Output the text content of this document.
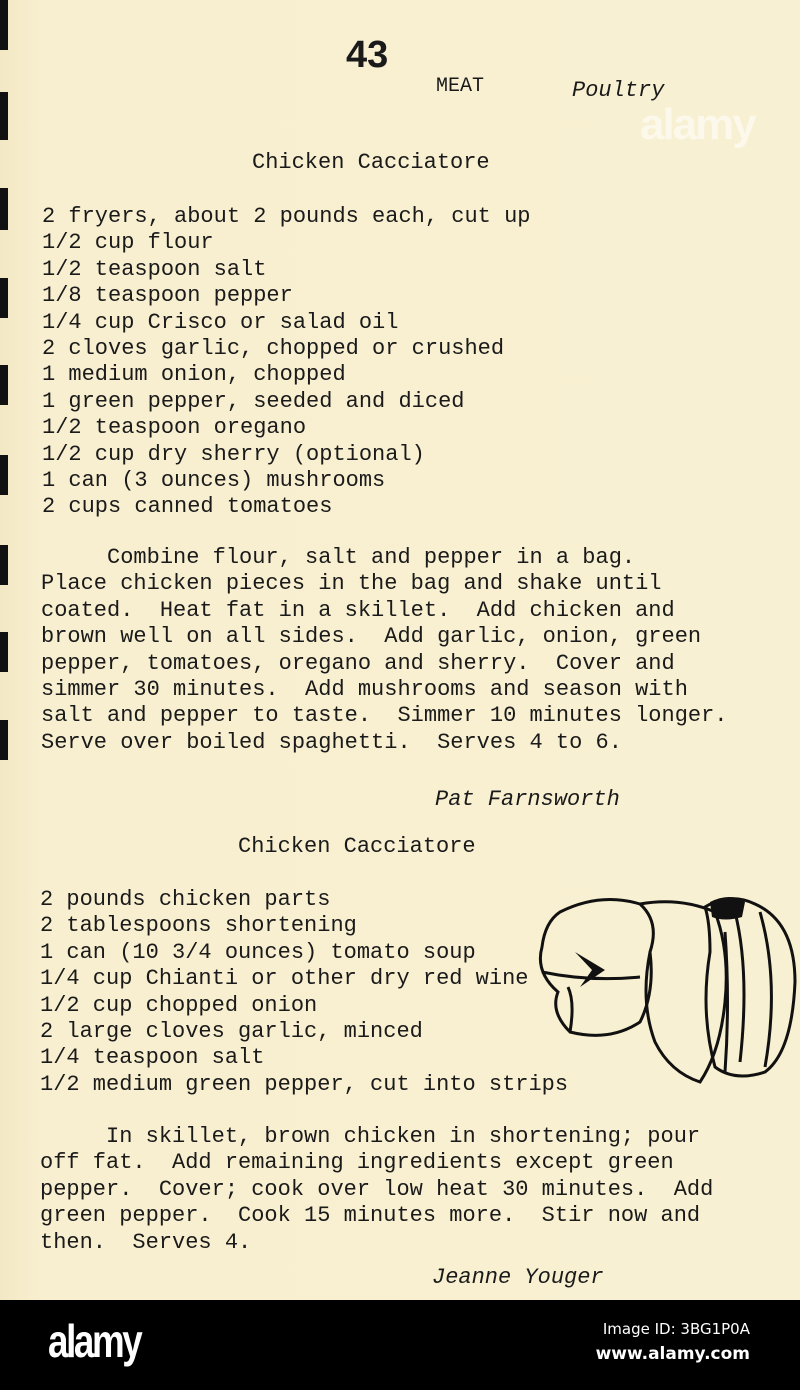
43
MEAT	Poultry
Chicken Cacciatore
2 fryers, about 2 pounds each, cut up
1/2 cup flour
1/2 teaspoon salt
1/8 teaspoon pepper
1/4 cup Crisco or salad oil
2 cloves garlic, chopped or crushed
1 medium onion, chopped
1 green pepper, seeded and diced
1/2 teaspoon oregano
1/2 cup dry sherry (optional)
1 can (3 ounces) mushrooms
2 cups canned tomatoes
Combine flour, salt and pepper in a bag.
Place chicken pieces in the bag and shake until
coated.  Heat fat in a skillet.  Add chicken and
brown well on all sides.  Add garlic, onion, green
pepper, tomatoes, oregano and sherry.  Cover and
simmer 30 minutes.  Add mushrooms and season with
salt and pepper to taste.  Simmer 10 minutes longer.
Serve over boiled spaghetti.  Serves 4 to 6.
Pat Farnsworth
Chicken Cacciatore
2 pounds chicken parts
2 tablespoons shortening
1 can (10 3/4 ounces) tomato soup
1/4 cup Chianti or other dry red wine
1/2 cup chopped onion
2 large cloves garlic, minced
1/4 teaspoon salt
1/2 medium green pepper, cut into strips
In skillet, brown chicken in shortening; pour
off fat.  Add remaining ingredients except green
pepper.  Cover; cook over low heat 30 minutes.  Add
green pepper.  Cook 15 minutes more.  Stir now and
then.  Serves 4.
Jeanne Youger
alamy
alamy	Image ID: 3BG1P0A
www.alamy.com
